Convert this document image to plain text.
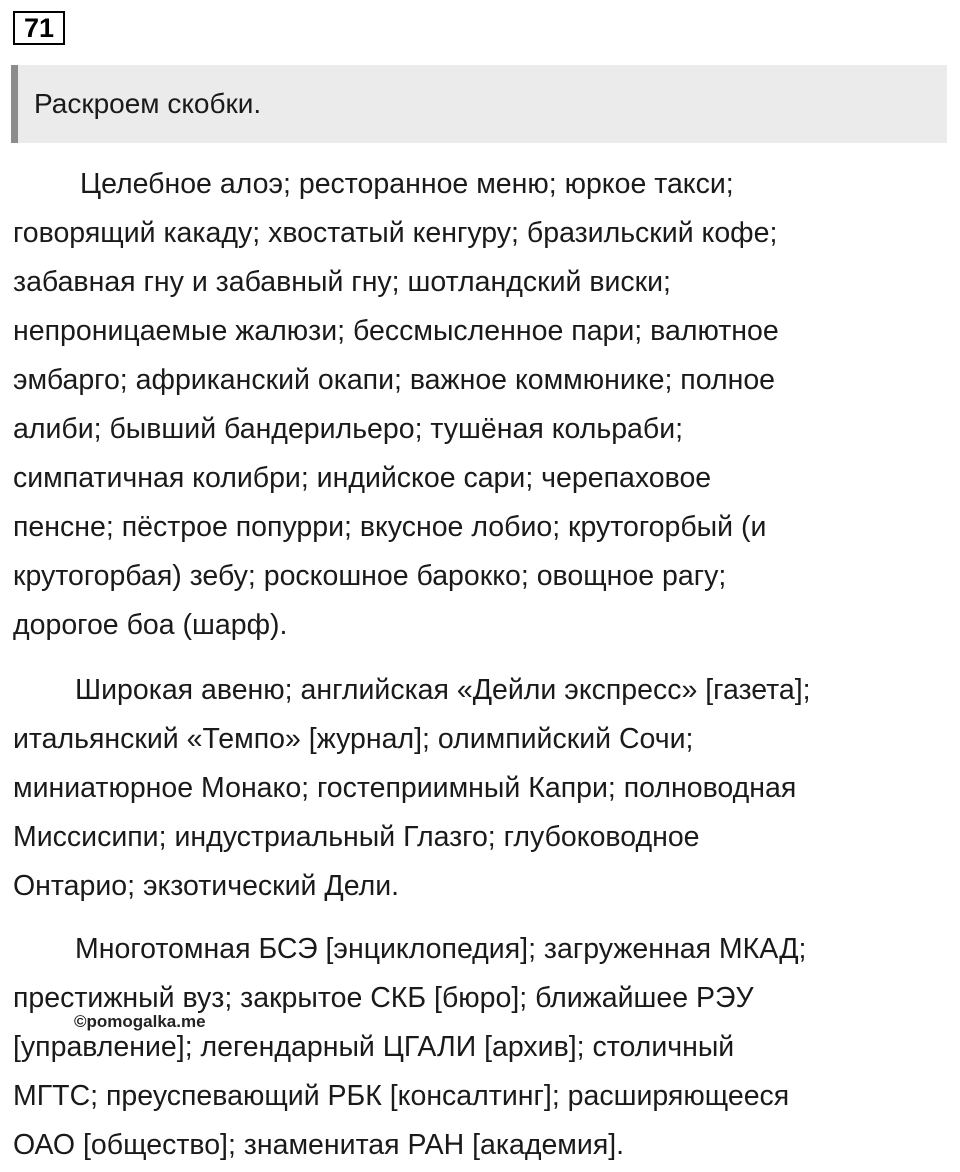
71
Раскроем скобки.

Целебное алоэ; ресторанное меню; юркое такси;
говорящий какаду; хвостатый кенгуру; бразильский кофе;
забавная гну и забавный гну; шотландский виски;
непроницаемые жалюзи; бессмысленное пари; валютное
эмбарго; африканский окапи; важное коммюнике; полное
алиби; бывший бандерильеро; тушёная кольраби;
симпатичная колибри; индийское сари; черепаховое
пенсне; пёстрое попурри; вкусное лобио; крутогорбый (и
крутогорбая) зебу; роскошное барокко; овощное рагу;
дорогое боа (шарф).

Широкая авеню; английская «Дейли экспресс» [газета];
итальянский «Темпо» [журнал]; олимпийский Сочи;
миниатюрное Монако; гостеприимный Капри; полноводная
Миссисипи; индустриальный Глазго; глубоководное
Онтарио; экзотический Дели.

Многотомная БСЭ [энциклопедия]; загруженная МКАД;
престижный вуз; закрытое СКБ [бюро]; ближайшее РЭУ
[управление]; легендарный ЦГАЛИ [архив]; столичный
МГТС; преуспевающий РБК [консалтинг]; расширяющееся
ОАО [общество]; знаменитая РАН [академия].

©pomogalka.me
